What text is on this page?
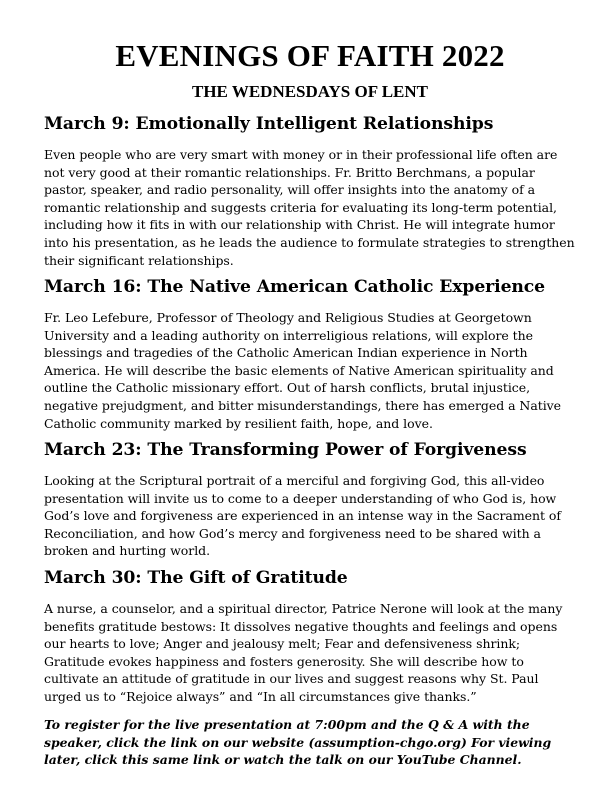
EVENINGS OF FAITH 2022
THE WEDNESDAYS OF LENT
March 9: Emotionally Intelligent Relationships

Even people who are very smart with money or in their professional life often are not very good at their romantic relationships. Fr. Britto Berchmans, a popular pastor, speaker, and radio personality, will offer insights into the anatomy of a romantic relationship and suggests criteria for evaluating its long-term potential, including how it fits in with our relationship with Christ. He will integrate humor into his presentation, as he leads the audience to formulate strategies to strengthen their significant relationships.

March 16: The Native American Catholic Experience

Fr. Leo Lefebure, Professor of Theology and Religious Studies at Georgetown University and a leading authority on interreligious relations, will explore the blessings and tragedies of the Catholic American Indian experience in North America. He will describe the basic elements of Native American spirituality and outline the Catholic missionary effort. Out of harsh conflicts, brutal injustice, negative prejudgment, and bitter misunderstandings, there has emerged a Native Catholic community marked by resilient faith, hope, and love.

March 23: The Transforming Power of Forgiveness

Looking at the Scriptural portrait of a merciful and forgiving God, this all-video presentation will invite us to come to a deeper understanding of who God is, how God’s love and forgiveness are experienced in an intense way in the Sacrament of Reconciliation, and how God’s mercy and forgiveness need to be shared with a broken and hurting world.

March 30: The Gift of Gratitude

A nurse, a counselor, and a spiritual director, Patrice Nerone will look at the many benefits gratitude bestows: It dissolves negative thoughts and feelings and opens our hearts to love; Anger and jealousy melt; Fear and defensiveness shrink; Gratitude evokes happiness and fosters generosity. She will describe how to cultivate an attitude of gratitude in our lives and suggest reasons why St. Paul urged us to “Rejoice always” and “In all circumstances give thanks.”

To register for the live presentation at 7:00pm and the Q & A with the speaker, click the link on our website (assumption-chgo.org) For viewing later, click this same link or watch the talk on our YouTube Channel.
